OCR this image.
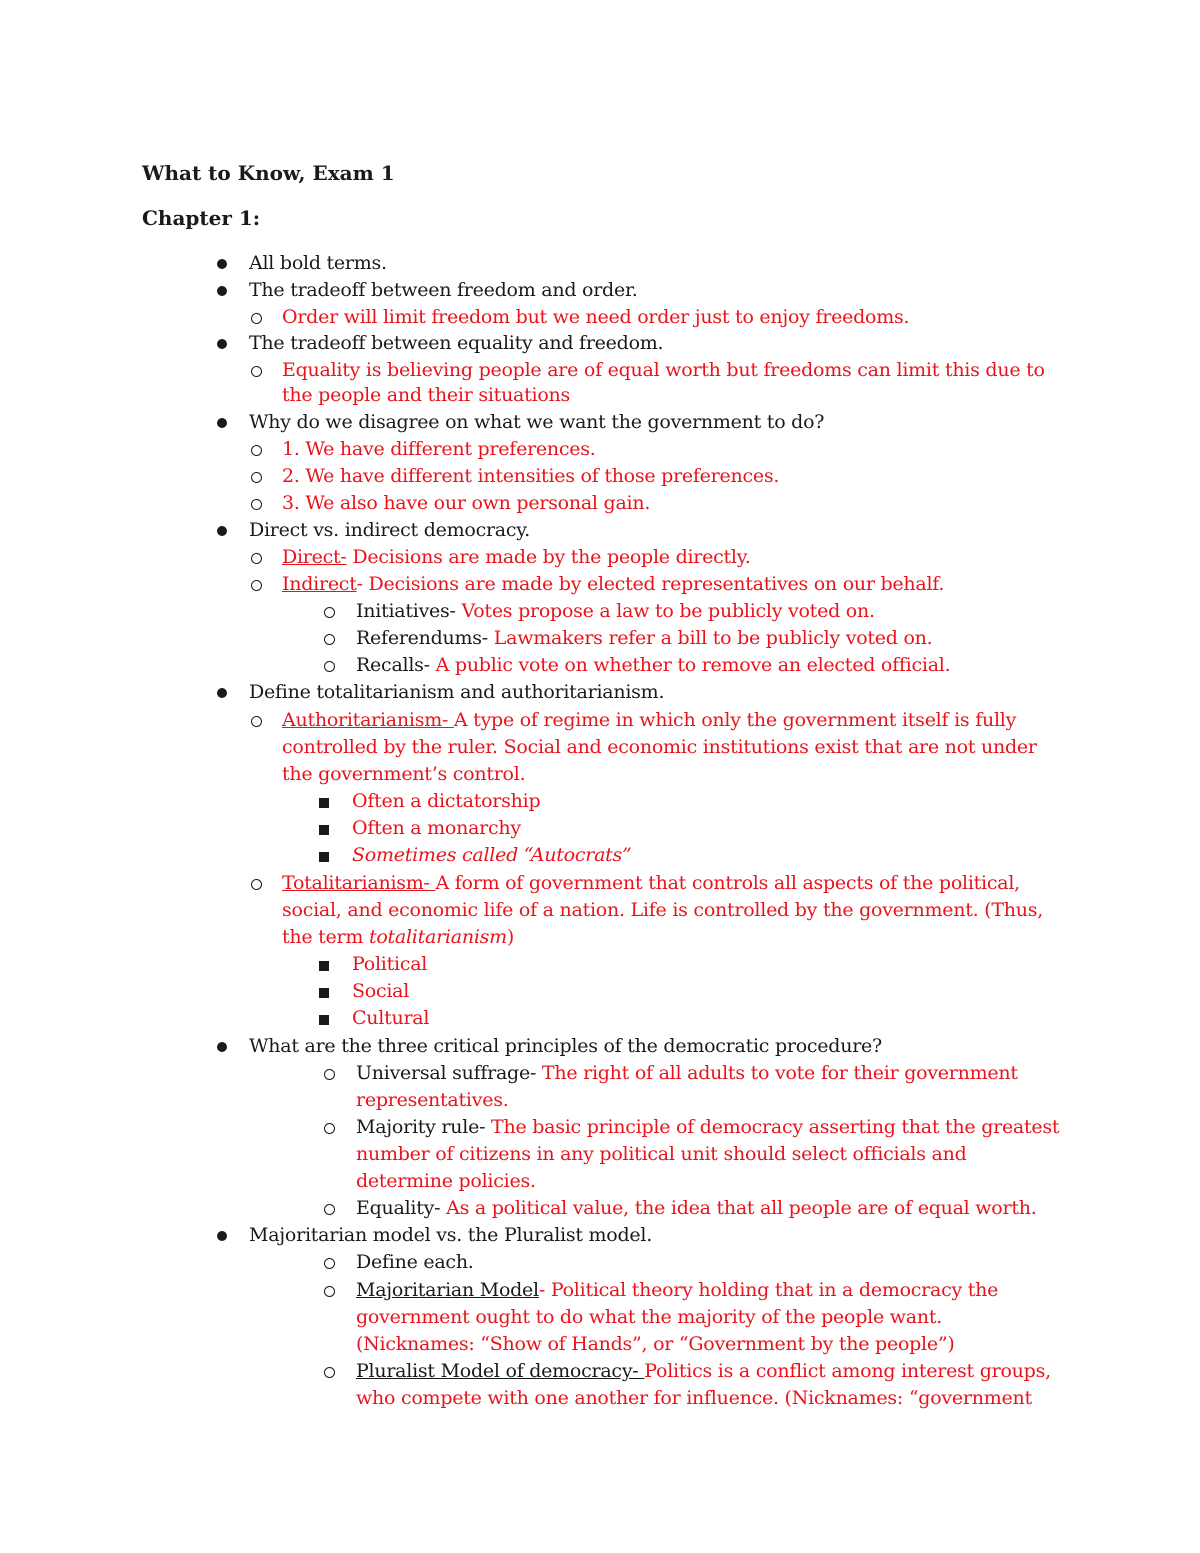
What to Know, Exam 1
Chapter 1:
All bold terms.
The tradeoff between freedom and order.
Order will limit freedom but we need order just to enjoy freedoms.
The tradeoff between equality and freedom.
Equality is believing people are of equal worth but freedoms can limit this due to
the people and their situations
Why do we disagree on what we want the government to do?
1. We have different preferences.
2. We have different intensities of those preferences.
3. We also have our own personal gain.
Direct vs. indirect democracy.
Direct- Decisions are made by the people directly.
Indirect- Decisions are made by elected representatives on our behalf.
Initiatives- Votes propose a law to be publicly voted on.
Referendums- Lawmakers refer a bill to be publicly voted on.
Recalls- A public vote on whether to remove an elected official.
Define totalitarianism and authoritarianism.
Authoritarianism- A type of regime in which only the government itself is fully
controlled by the ruler. Social and economic institutions exist that are not under
the government’s control.
Often a dictatorship
Often a monarchy
Sometimes called “Autocrats”
Totalitarianism- A form of government that controls all aspects of the political,
social, and economic life of a nation. Life is controlled by the government. (Thus,
the term totalitarianism)
Political
Social
Cultural
What are the three critical principles of the democratic procedure?
Universal suffrage- The right of all adults to vote for their government
representatives.
Majority rule- The basic principle of democracy asserting that the greatest
number of citizens in any political unit should select officials and
determine policies.
Equality- As a political value, the idea that all people are of equal worth.
Majoritarian model vs. the Pluralist model.
Define each.
Majoritarian Model- Political theory holding that in a democracy the
government ought to do what the majority of the people want.
(Nicknames: “Show of Hands”, or “Government by the people”)
Pluralist Model of democracy- Politics is a conflict among interest groups,
who compete with one another for influence. (Nicknames: “government
